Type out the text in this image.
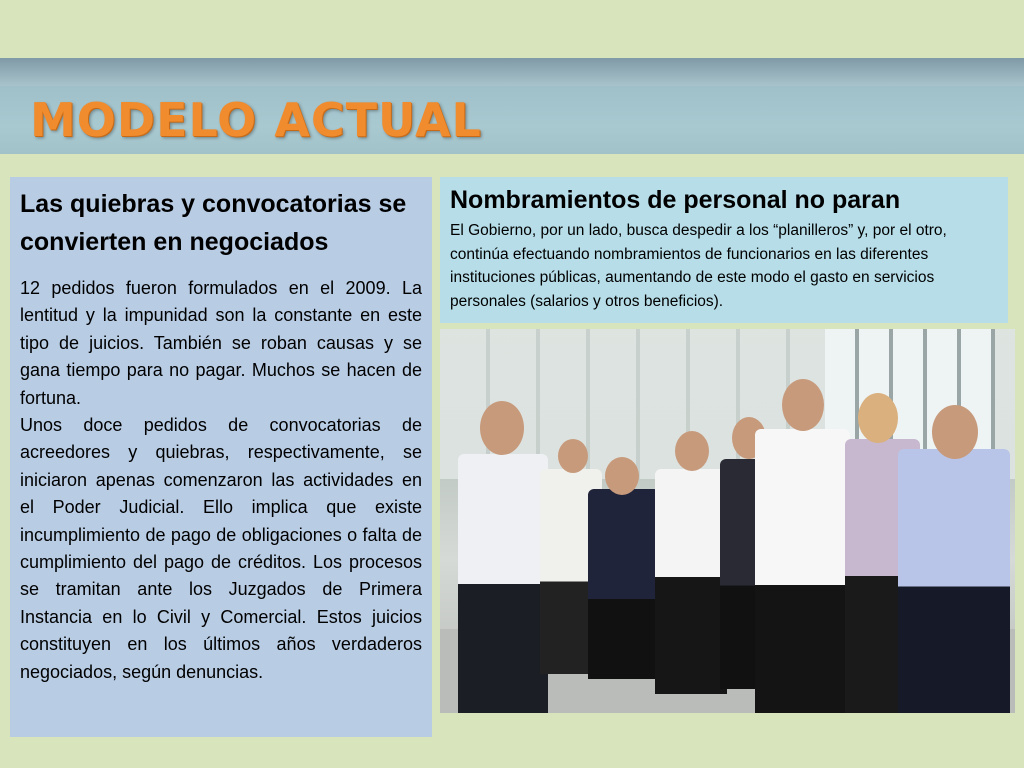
MODELO ACTUAL
Las quiebras y convocatorias se convierten en negociados

12 pedidos fueron formulados en el 2009. La lentitud y la impunidad son la constante en este tipo de juicios. También se roban causas y se gana tiempo para no pagar. Muchos se hacen de fortuna.

Unos doce pedidos de convocatorias de acreedores y quiebras, respectivamente, se iniciaron apenas comenzaron las actividades en el Poder Judicial. Ello implica que existe incumplimiento de pago de obligaciones o falta de cumplimiento del pago de créditos. Los procesos se tramitan ante los Juzgados de Primera Instancia en lo Civil y Comercial. Estos juicios constituyen en los últimos años verdaderos negociados, según denuncias.

Nombramientos de personal no paran

El Gobierno, por un lado, busca despedir a los “planilleros” y, por el otro, continúa efectuando nombramientos de funcionarios en las diferentes instituciones públicas, aumentando de este modo el gasto en servicios personales (salarios y otros beneficios).
